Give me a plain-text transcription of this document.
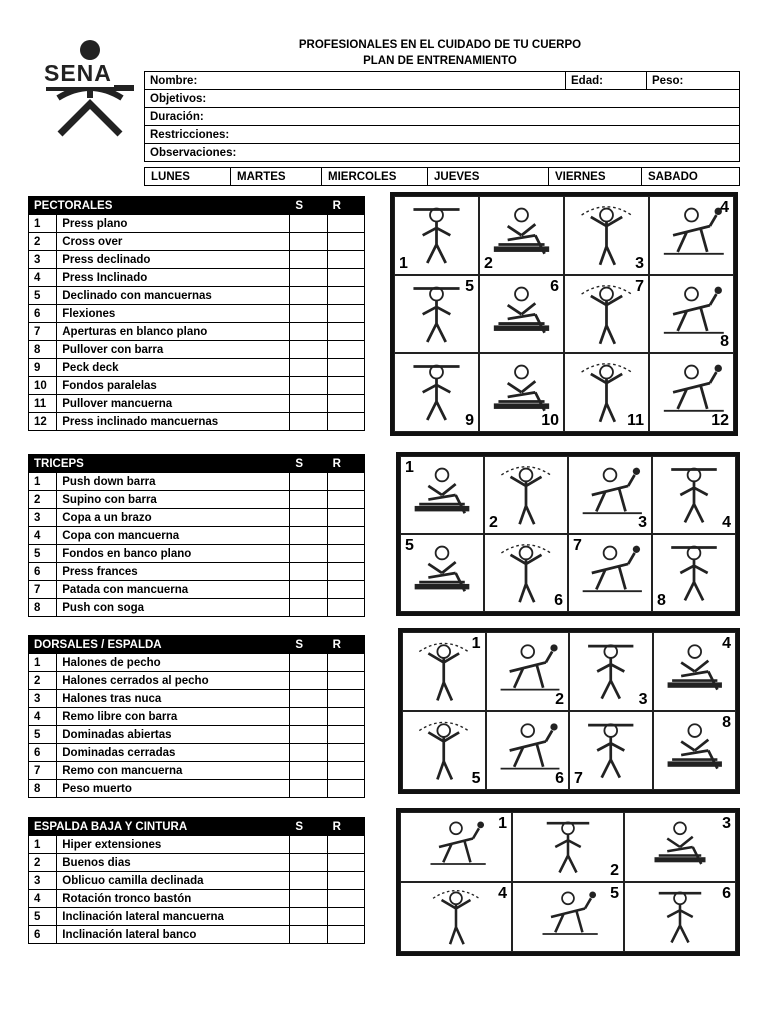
SENA
PROFESIONALES EN EL CUIDADO DE TU CUERPO
PLAN DE ENTRENAMIENTO
Nombre:	Edad:	Peso:
Objetivos:
Duración:
Restricciones:
Observaciones:
LUNES	MARTES	MIERCOLES	JUEVES	VIERNES	SABADO
PECTORALES		S	R
1	Press plano		
2	Cross over		
3	Press declinado		
4	Press Inclinado		
5	Declinado con mancuernas		
6	Flexiones		
7	Aperturas en blanco plano		
8	Pullover con barra		
9	Peck deck		
10	Fondos paralelas		
11	Pullover mancuerna		
12	Press inclinado mancuernas		
TRICEPS		S	R
1	Push down barra		
2	Supino con barra		
3	Copa a un brazo		
4	Copa con mancuerna		
5	Fondos en banco plano		
6	Press frances		
7	Patada con mancuerna		
8	Push con soga		
DORSALES / ESPALDA		S	R
1	Halones de pecho		
2	Halones cerrados al pecho		
3	Halones tras nuca		
4	Remo libre con barra		
5	Dominadas abiertas		
6	Dominadas cerradas		
7	Remo con mancuerna		
8	Peso muerto		
ESPALDA BAJA Y CINTURA		S	R
1	Hiper extensiones		
2	Buenos dias		
3	Oblicuo camilla declinada		
4	Rotación tronco bastón		
5	Inclinación lateral mancuerna		
6	Inclinación lateral banco		
1	2	3
4
5	6	7
8
9	10	11	12
1
2	3	4
5
6
7
8
1
2	3
4
5	6 7
8
1
2
3
4	5	6
